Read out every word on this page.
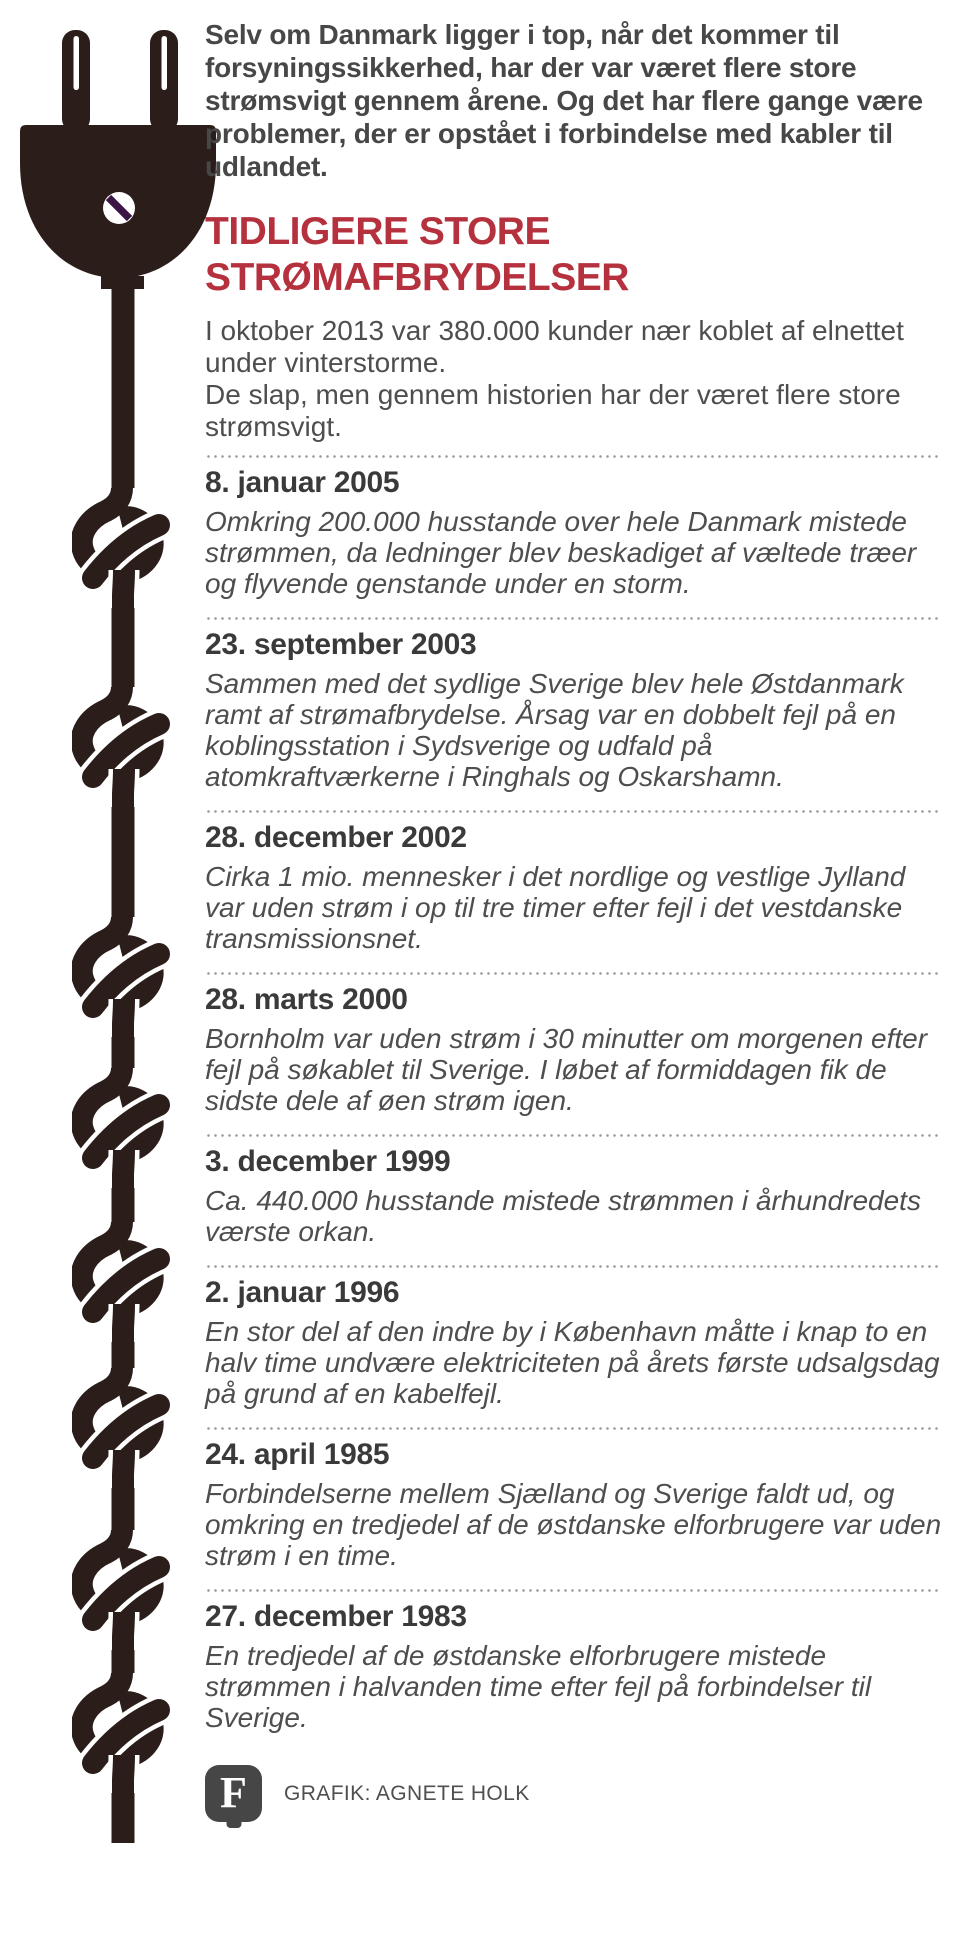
Selv om Danmark ligger i top, når det kommer til forsyningssikkerhed, har der var været flere store strømsvigt gennem årene. Og det har flere gange være problemer, der er opstået i forbindelse med kabler til udlandet.

TIDLIGERE STORE STRØMAFBRYDELSER

I oktober 2013 var 380.000 kunder nær koblet af elnettet under vinterstorme.

De slap, men gennem historien har der været flere store strømsvigt.

8. januar 2005

Omkring 200.000 husstande over hele Danmark mistede strømmen, da ledninger blev beskadiget af væltede træer og flyvende genstande under en storm.

23. september 2003

Sammen med det sydlige Sverige blev hele Østdanmark ramt af strømafbrydelse. Årsag var en dobbelt fejl på en koblingsstation i Sydsverige og udfald på atomkraftværkerne i Ringhals og Oskarshamn.

28. december 2002

Cirka 1 mio. mennesker i det nordlige og vestlige Jylland var uden strøm i op til tre timer efter fejl i det vestdanske transmissionsnet.

28. marts 2000

Bornholm var uden strøm i 30 minutter om morgenen efter fejl på søkablet til Sverige. I løbet af formiddagen fik de sidste dele af øen strøm igen.

3. december 1999

Ca. 440.000 husstande mistede strømmen i århundredets værste orkan.

2. januar 1996

En stor del af den indre by i København måtte i knap to en halv time undvære elektriciteten på årets første udsalgsdag på grund af en kabelfejl.

24. april 1985

Forbindelserne mellem Sjælland og Sverige faldt ud, og omkring en tredjedel af de østdanske elforbrugere var uden strøm i en time.

27. december 1983

En tredjedel af de østdanske elforbrugere mistede strømmen i halvanden time efter fejl på forbindelser til Sverige.

F GRAFIK: AGNETE HOLK
